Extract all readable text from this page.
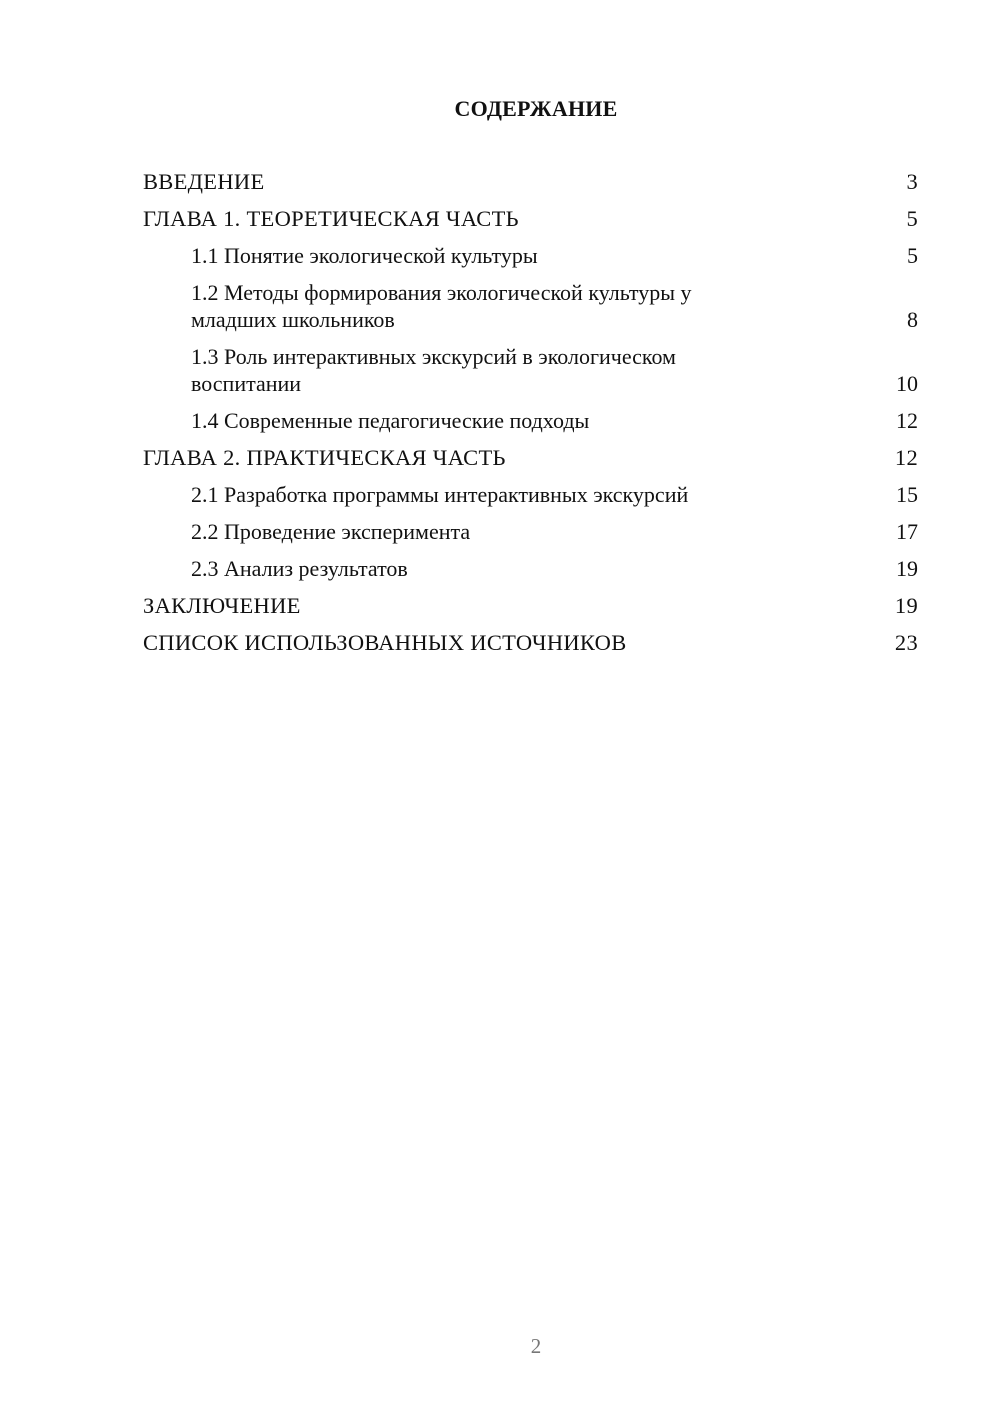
СОДЕРЖАНИЕ
ВВЕДЕНИЕ	3
ГЛАВА 1. ТЕОРЕТИЧЕСКАЯ ЧАСТЬ	5
1.1 Понятие экологической культуры	5
1.2 Методы формирования экологической культуры у младших школьников	8
1.3 Роль интерактивных экскурсий в экологическом воспитании	10
1.4 Современные педагогические подходы	12
ГЛАВА 2. ПРАКТИЧЕСКАЯ ЧАСТЬ	12
2.1 Разработка программы интерактивных экскурсий	15
2.2 Проведение эксперимента	17
2.3 Анализ результатов	19
ЗАКЛЮЧЕНИЕ	19
СПИСОК ИСПОЛЬЗОВАННЫХ ИСТОЧНИКОВ	23
2
